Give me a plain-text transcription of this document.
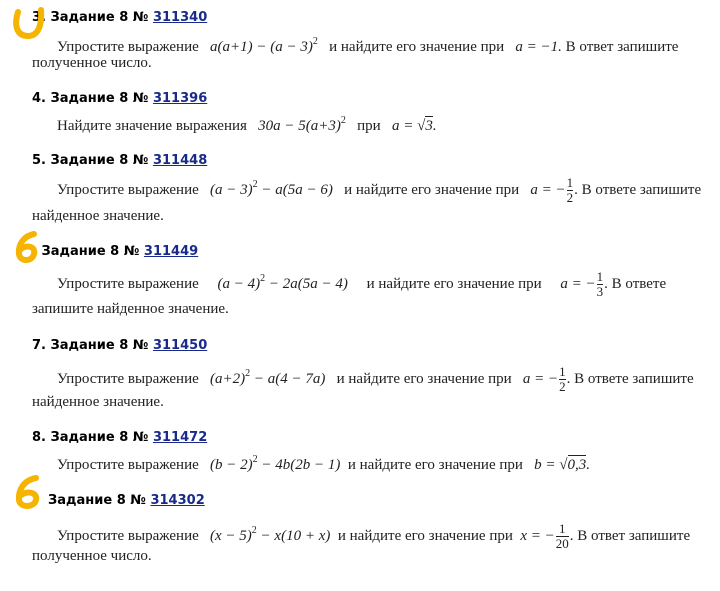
3. Задание 8 № 311340
Упростите выражение $a(a+1) - (a - 3)^2$ и найдите его значение при a = −1. В ответ запишите
полученное число.
4. Задание 8 № 311396
Найдите значение выражения $30a - 5(a+3)^2$ при a = √3.
5. Задание 8 № 311448
Упростите выражение $(a - 3)^2 - a(5a - 6)$ и найдите его значение при a = − $\frac{1}{2}$ . В ответе запишите
найденное значение.
. Задание 8 № 311449
Упростите выражение $(a - 4)^2 - 2a(5a - 4)$ и найдите его значение при a = − $\frac{1}{3}$ . В ответе
запишите найденное значение.
7. Задание 8 № 311450
Упростите выражение $(a+2)^2 - a(4 - 7a)$ и найдите его значение при a = − $\frac{1}{2}$ . В ответе запишите
найденное значение.
8. Задание 8 № 311472
Упростите выражение $(b - 2)^2 - 4b(2b - 1)$ и найдите его значение при b = √0,3.
Задание 8 № 314302
Упростите выражение $(x - 5)^2 - x(10 + x)$ и найдите его значение при x = − $\frac{1}{20}$ . В ответ запишите
полученное число.
